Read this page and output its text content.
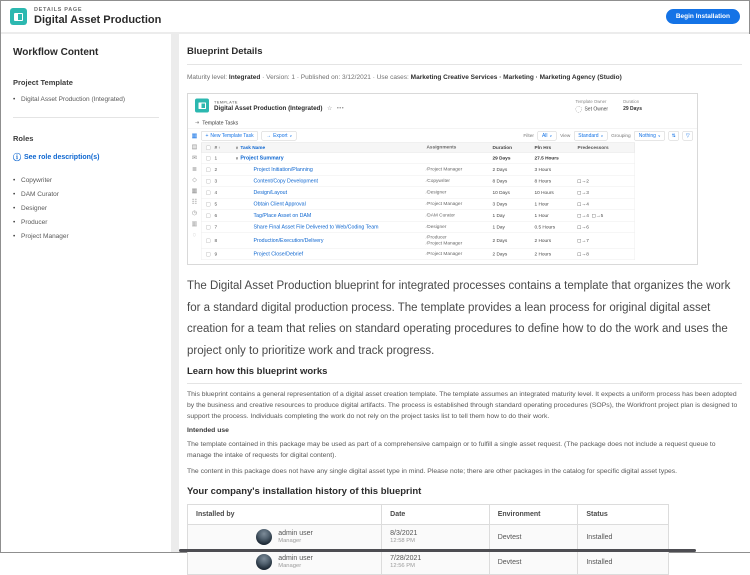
DETAILS PAGE
Digital Asset Production	Begin Installation
Workflow Content
Project Template
• Digital Asset Production (Integrated)
Roles
ⓘ See role description(s)
• Copywriter
• DAM Curator
• Designer
• Producer
• Project Manager
Blueprint Details
Maturity level: Integrated · Version: 1 · Published on: 3/12/2021 · Use cases: Marketing Creative Services · Marketing · Marketing Agency (Studio)
TEMPLATE
Digital Asset Production (Integrated) ☆ •••
Template Owner
Set Owner
Duration
29 Days
⇥ Template Tasks
▦
▤
✉
≣
◇
▦
☷
◷
▥
◌
+ New Template Task → Export ∨	Filter All ∨ View Standard ∨ Grouping Nothing ∨	⇅ ▽
# ↑	∨ Task Name	Assignments	Duration	Pln Hrs	Predecessors
1	∨ Project Summary	29 Days	27.5 Hours
2	Project Initiation/Planning	∕ Project Manager	2 Days	3 Hours
3	Content/Copy Development	∕ Copywriter	8 Days	8 Hours	→2
4	Design/Layout	∕ Designer	10 Days	10 Hours	→3
5	Obtain Client Approval	∕ Project Manager	3 Days	1 Hour	→4
6	Tag/Place Asset on DAM	∕ DAM Curator	1 Day	1 Hour	→4 →5
7	Share Final Asset File Delivered to Web/Coding Team	∕ Designer	1 Day	0.5 Hours	→6
8	Production/Execution/Delivery
∕ Producer
∕ Project Manager	2 Days	2 Hours	→7
9	Project Close/Debrief	∕ Project Manager	2 Days	2 Hours	→8

The Digital Asset Production blueprint for integrated processes contains a template that organizes the work for a standard digital production process. The template provides a lean process for original digital asset creation for a team that relies on standard operating procedures to define how to do the work and uses the project only to prioritize work and track progress.

Learn how this blueprint works

This blueprint contains a general representation of a digital asset creation template. The template assumes an integrated maturity level. It expects a uniform process has been adopted by the business and creative resources to produce digital artifacts. The process is established through standard operating procedures (SOPs), the Workfront project plan is designed to support the process. Individuals completing the work do not rely on the project tasks list to tell them how to do their work.

Intended use

The template contained in this package may be used as part of a comprehensive campaign or to fulfill a single asset request. (The package does not include a request queue to manage the intake of requests for digital content).

The content in this package does not have any single digital asset type in mind. Please note; there are other packages in the catalog for specific digital asset types.

Your company's installation history of this blueprint
Installed by	Date	Environment	Status
admin user
Manager
8/3/2021
12:58 PM
Devtest	Installed
admin user
Manager
7/28/2021
12:56 PM
Devtest	Installed
